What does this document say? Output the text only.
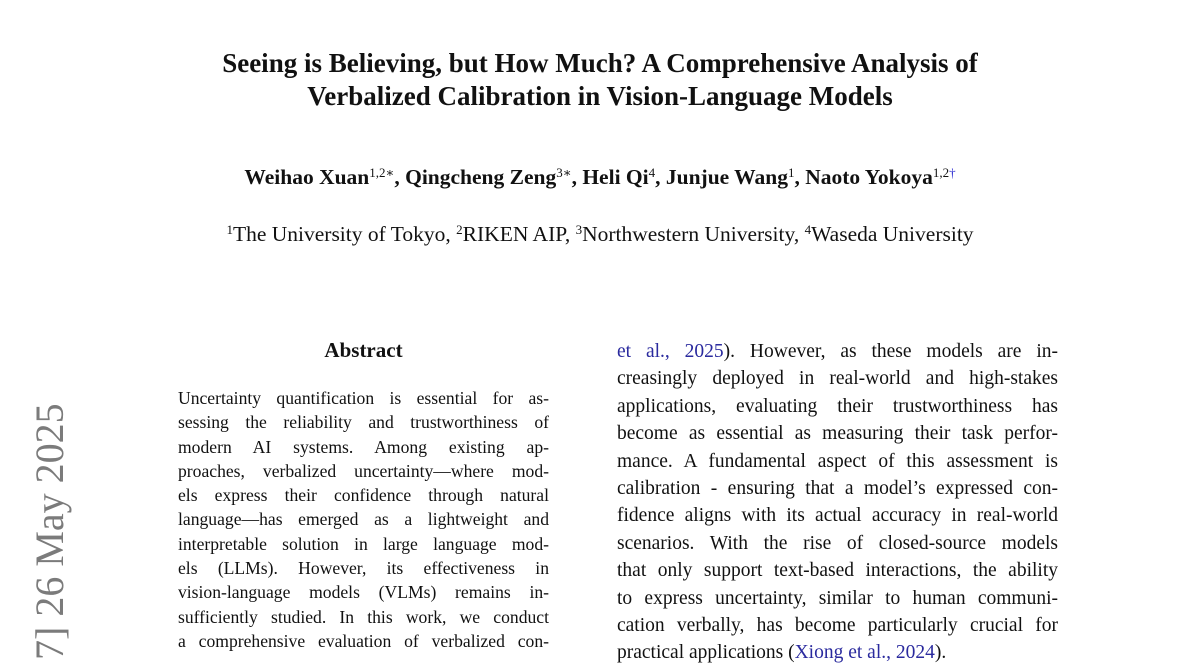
Seeing is Believing, but How Much? A Comprehensive Analysis of
Verbalized Calibration in Vision-Language Models
Weihao Xuan$^{1,2∗}$, Qingcheng Zeng$^{3∗}$, Heli Qi$^4$, Junjue Wang$^1$, Naoto Yokoya$^{1,2\dagger}$
$^1$The University of Tokyo, $^2$RIKEN AIP, $^3$Northwestern University, $^4$Waseda University
7] 26 May 2025
Abstract
Uncertainty quantification is essential for as-
sessing the reliability and trustworthiness of
modern AI systems. Among existing ap-
proaches, verbalized uncertainty—where mod-
els express their confidence through natural
language—has emerged as a lightweight and
interpretable solution in large language mod-
els (LLMs). However, its effectiveness in
vision-language models (VLMs) remains in-
sufficiently studied. In this work, we conduct
a comprehensive evaluation of verbalized con-
et al., 2025). However, as these models are in-
creasingly deployed in real-world and high-stakes
applications, evaluating their trustworthiness has
become as essential as measuring their task perfor-
mance. A fundamental aspect of this assessment is
calibration - ensuring that a model’s expressed con-
fidence aligns with its actual accuracy in real-world
scenarios. With the rise of closed-source models
that only support text-based interactions, the ability
to express uncertainty, similar to human communi-
cation verbally, has become particularly crucial for
practical applications (Xiong et al., 2024).
